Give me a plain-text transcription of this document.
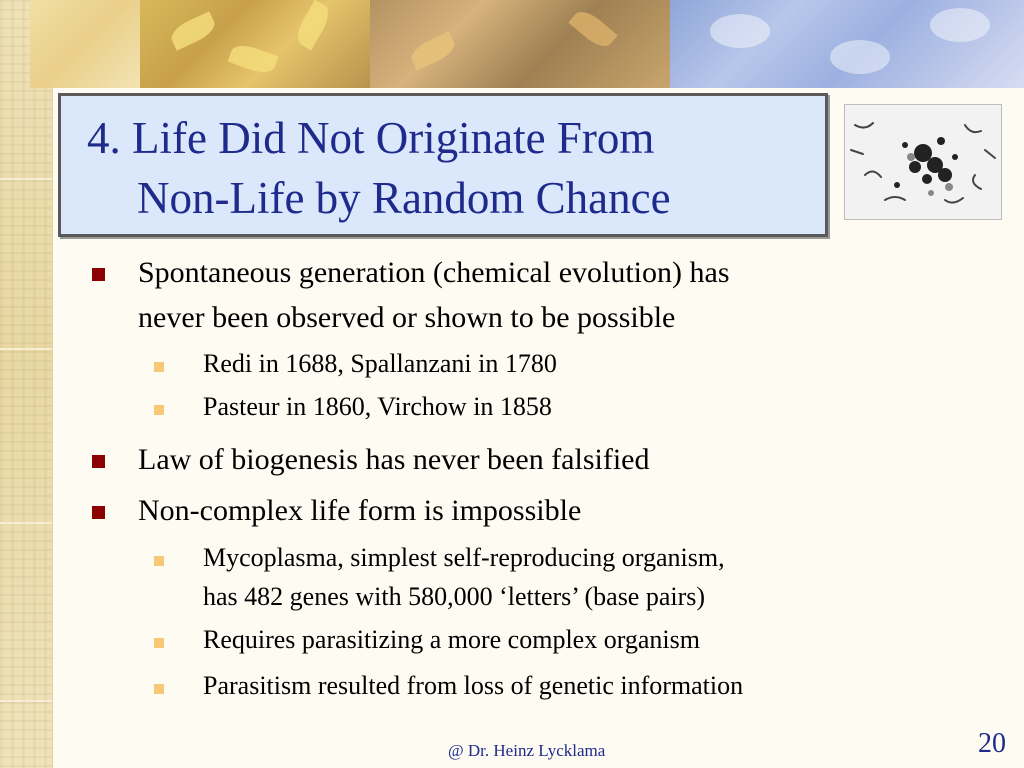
4. Life Did Not Originate From
Non-Life by Random Chance
Spontaneous generation (chemical evolution) has
never been observed or shown to be possible
Redi in 1688, Spallanzani in 1780
Pasteur in 1860, Virchow in 1858
Law of biogenesis has never been falsified
Non-complex life form is impossible
Mycoplasma, simplest self-reproducing organism,
has 482 genes with 580,000 ‘letters’ (base pairs)
Requires parasitizing a more complex organism
Parasitism resulted from loss of genetic information
@ Dr. Heinz Lycklama	20
